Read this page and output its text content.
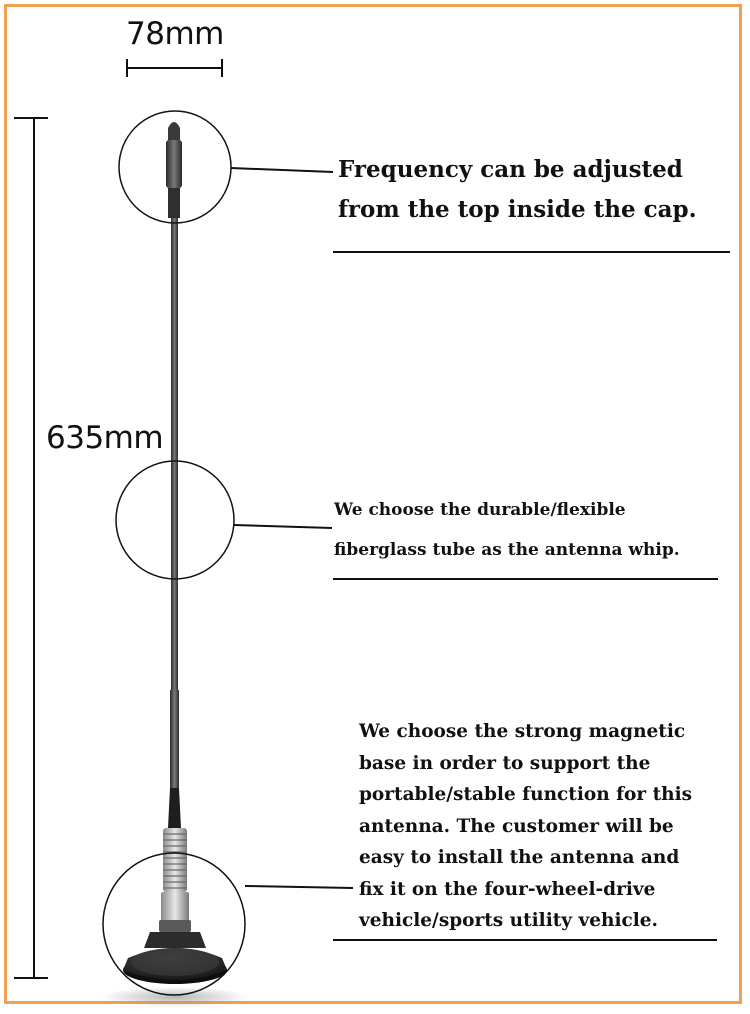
78mm
635mm
Frequency can be adjusted
from the top inside the cap.
We choose the durable/flexible
fiberglass tube as the antenna whip.
We choose the strong magnetic
base in order to support the
portable/stable function for this
antenna. The customer will be
easy to install the antenna and
fix it on the four-wheel-drive
vehicle/sports utility vehicle.
